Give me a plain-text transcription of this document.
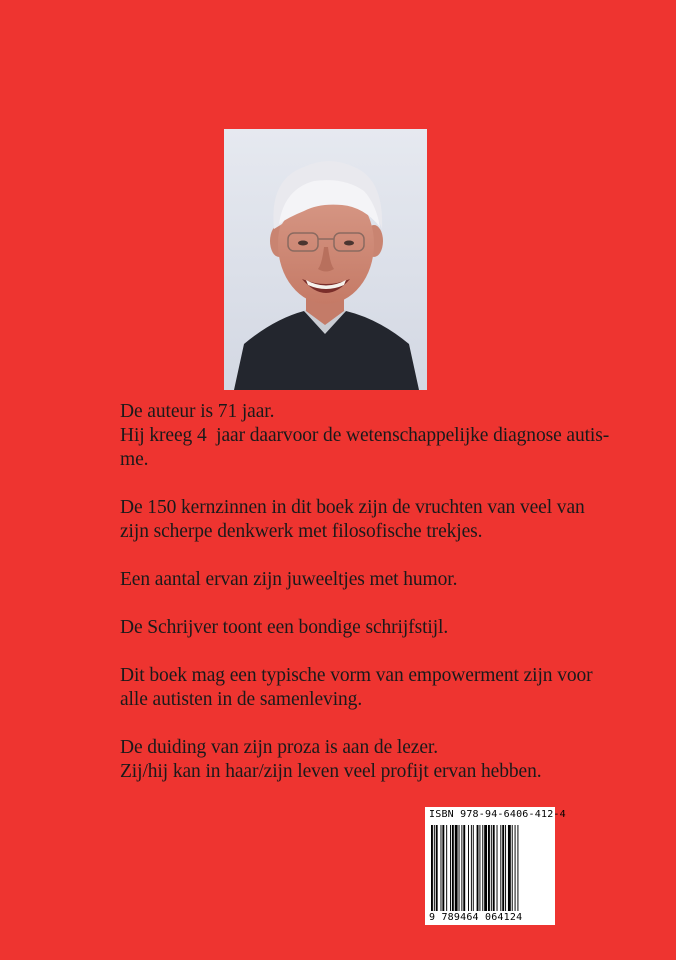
De auteur is 71 jaar.
Hij kreeg 4  jaar daarvoor de wetenschappelijke diagnose autis-
me.

De 150 kernzinnen in dit boek zijn de vruchten van veel van
zijn scherpe denkwerk met filosofische trekjes.

Een aantal ervan zijn juweeltjes met humor.

De Schrijver toont een bondige schrijfstijl.

Dit boek mag een typische vorm van empowerment zijn voor
alle autisten in de samenleving.

De duiding van zijn proza is aan de lezer.
Zij/hij kan in haar/zijn leven veel profijt ervan hebben.

ISBN 978-94-6406-412-4
9 789464 064124
